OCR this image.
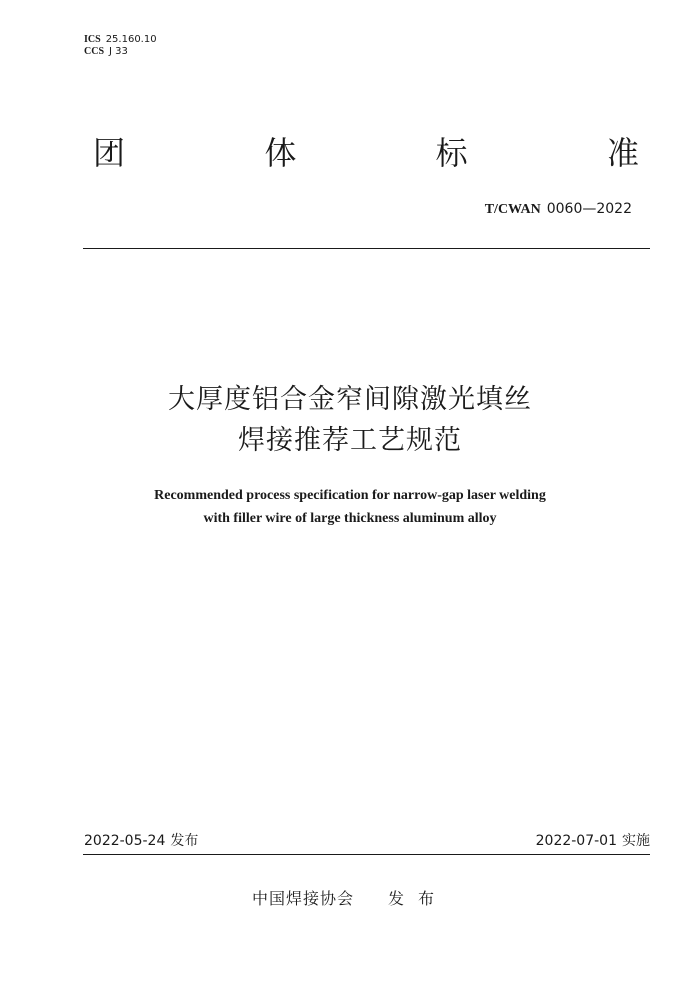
ICS 25.160.10
CCS J 33
团	体	标	准
T/CWAN 0060—2022
大厚度铝合金窄间隙激光填丝
焊接推荐工艺规范
Recommended process specification for narrow-gap laser welding
with filler wire of large thickness aluminum alloy
2022-05-24 发布	2022-07-01 实施
中国焊接协会 发布
